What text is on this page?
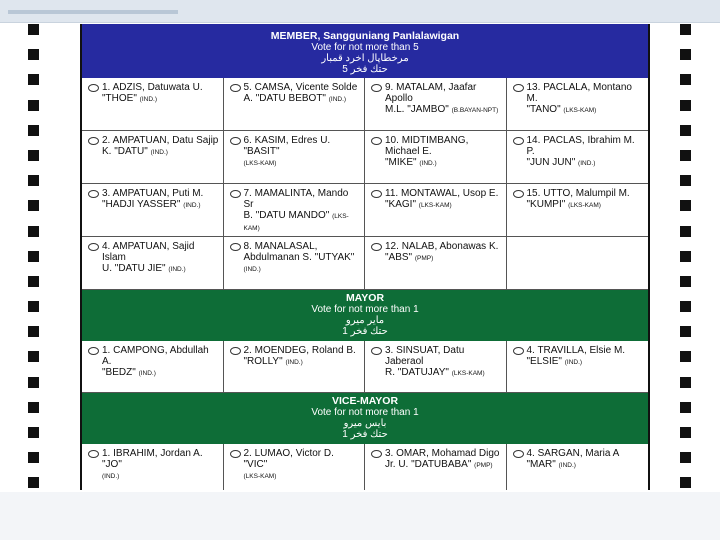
MEMBER, Sangguniang Panlalawigan
Vote for not more than 5
مرخطاپال اخرد قمبار
حتك فخر 5
1. ADZIS, Datuwata U.
"THOE" (IND.)
5. CAMSA, Vicente Solde
A. "DATU BEBOT" (IND.)
9. MATALAM, Jaafar Apollo
M.L. "JAMBO" (B.BAYAN-NPT)
13. PACLALA, Montano M.
"TANO" (LKS-KAM)
2. AMPATUAN, Datu Sajip
K. "DATU" (IND.)
6. KASIM, Edres U. "BASIT"
(LKS-KAM)
10. MIDTIMBANG, Michael E.
"MIKE" (IND.)
14. PACLAS, Ibrahim M. P.
"JUN JUN" (IND.)
3. AMPATUAN, Puti M.
"HADJI YASSER" (IND.)
7. MAMALINTA, Mando Sr
B. "DATU MANDO" (LKS-KAM)
11. MONTAWAL, Usop E.
"KAGI" (LKS-KAM)
15. UTTO, Malumpil M.
"KUMPI" (LKS-KAM)
4. AMPATUAN, Sajid Islam
U. "DATU JIE" (IND.)
8. MANALASAL,
Abdulmanan S. "UTYAK" (IND.)
12. NALAB, Abonawas K.
"ABS" (PMP)
MAYOR
Vote for not more than 1
ماير ميرو
حتك فخر 1
1. CAMPONG, Abdullah A.
"BEDZ" (IND.)
2. MOENDEG, Roland B.
"ROLLY" (IND.)
3. SINSUAT, Datu Jaberaol
R. "DATUJAY" (LKS-KAM)
4. TRAVILLA, Elsie M.
"ELSIE" (IND.)
VICE-MAYOR
Vote for not more than 1
بايس ميرو
حتك فخر 1
1. IBRAHIM, Jordan A. "JO"
(IND.)
2. LUMAO, Victor D. "VIC"
(LKS-KAM)
3. OMAR, Mohamad Digo
Jr. U. "DATUBABA" (PMP)
4. SARGAN, Maria A
"MAR" (IND.)
